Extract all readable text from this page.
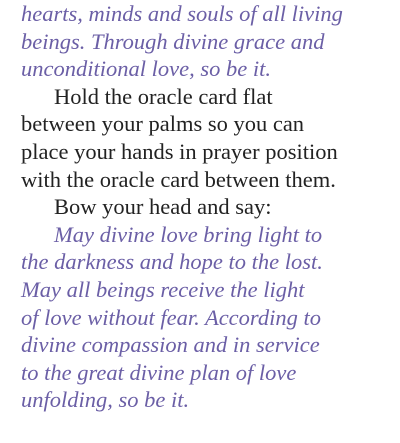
hearts, minds and souls of all living
beings. Through divine grace and
unconditional love, so be it.
Hold the oracle card flat
between your palms so you can
place your hands in prayer position
with the oracle card between them.
Bow your head and say:
May divine love bring light to
the darkness and hope to the lost.
May all beings receive the light
of love without fear. According to
divine compassion and in service
to the great divine plan of love
unfolding, so be it.
